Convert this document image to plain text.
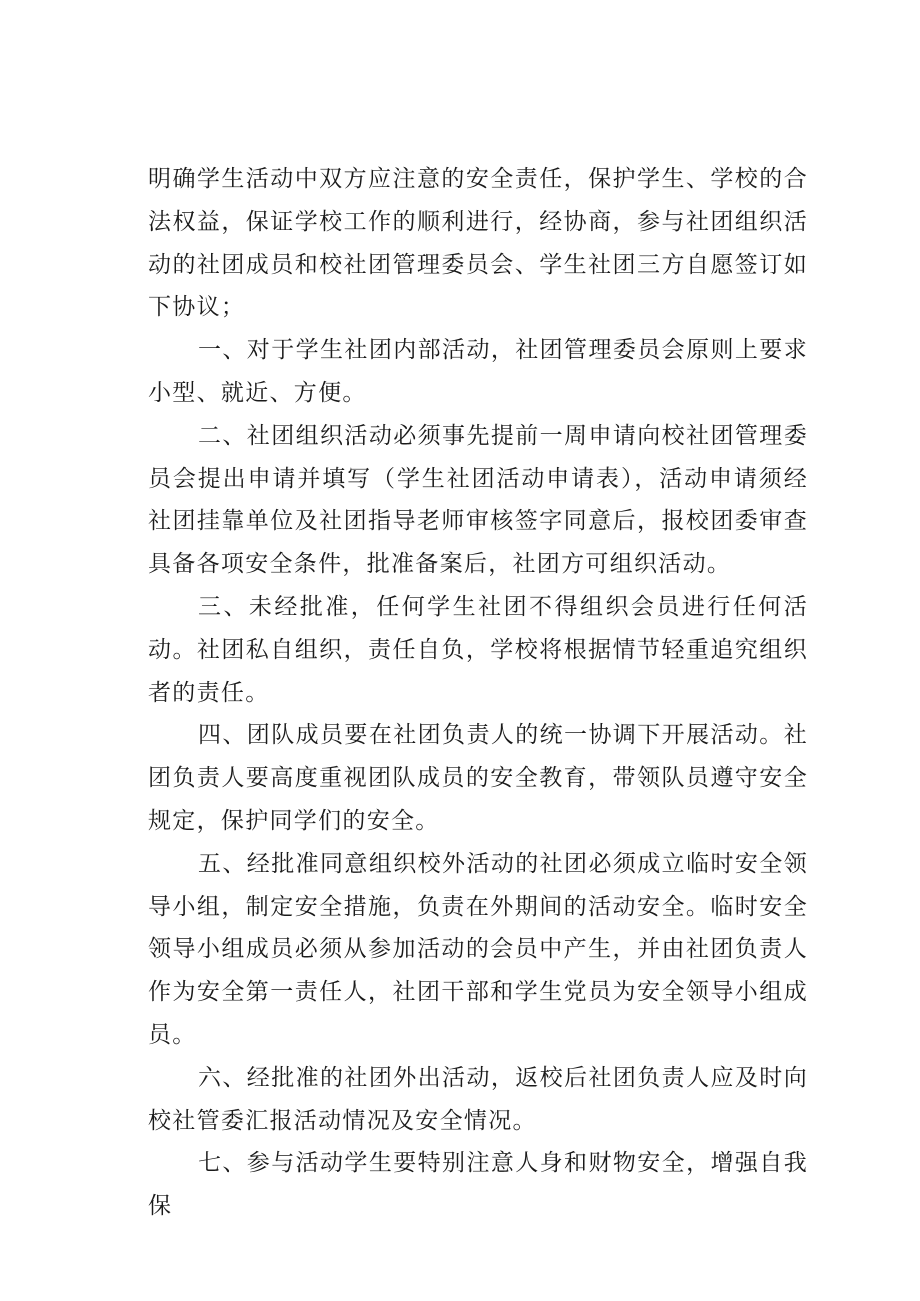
明确学生活动中双方应注意的安全责任，保护学生、学校的合法权益，保证学校工作的顺利进行，经协商，参与社团组织活动的社团成员和校社团管理委员会、学生社团三方自愿签订如下协议；

一、对于学生社团内部活动，社团管理委员会原则上要求小型、就近、方便。

二、社团组织活动必须事先提前一周申请向校社团管理委员会提出申请并填写（学生社团活动申请表），活动申请须经社团挂靠单位及社团指导老师审核签字同意后，报校团委审查具备各项安全条件，批准备案后，社团方可组织活动。

三、未经批准，任何学生社团不得组织会员进行任何活动。社团私自组织，责任自负，学校将根据情节轻重追究组织者的责任。

四、团队成员要在社团负责人的统一协调下开展活动。社团负责人要高度重视团队成员的安全教育，带领队员遵守安全规定，保护同学们的安全。

五、经批准同意组织校外活动的社团必须成立临时安全领导小组，制定安全措施，负责在外期间的活动安全。临时安全领导小组成员必须从参加活动的会员中产生，并由社团负责人作为安全第一责任人，社团干部和学生党员为安全领导小组成员。

六、经批准的社团外出活动，返校后社团负责人应及时向校社管委汇报活动情况及安全情况。

七、参与活动学生要特别注意人身和财物安全，增强自我保
